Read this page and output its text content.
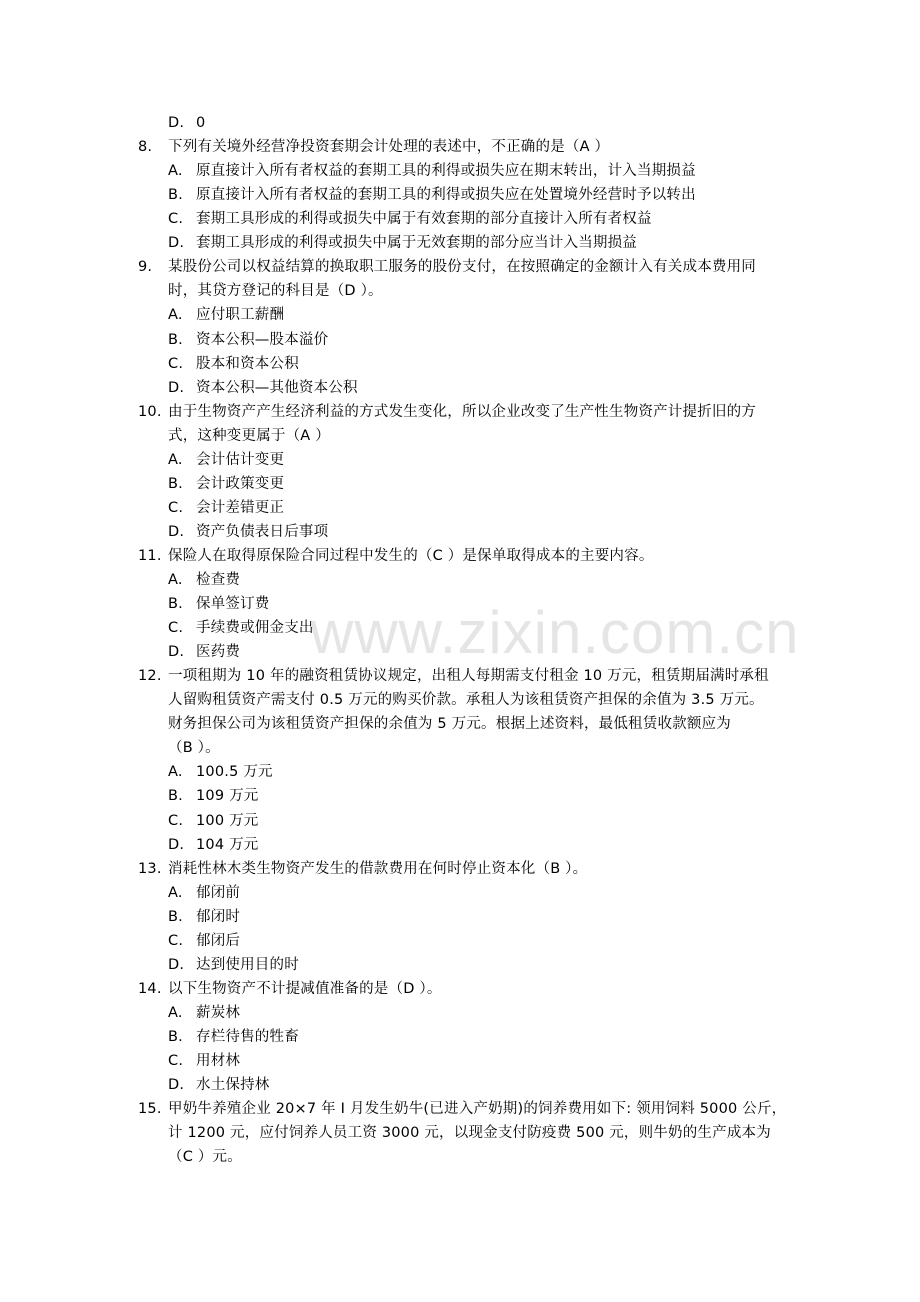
D. 0
8. 下列有关境外经营净投资套期会计处理的表述中，不正确的是（A ）
A. 原直接计入所有者权益的套期工具的利得或损失应在期末转出，计入当期损益
B. 原直接计入所有者权益的套期工具的利得或损失应在处置境外经营时予以转出
C. 套期工具形成的利得或损失中属于有效套期的部分直接计入所有者权益
D. 套期工具形成的利得或损失中属于无效套期的部分应当计入当期损益
9. 某股份公司以权益结算的换取职工服务的股份支付，在按照确定的金额计入有关成本费用同
时，其贷方登记的科目是（D ）。
A. 应付职工薪酬
B. 资本公积—股本溢价
C. 股本和资本公积
D. 资本公积—其他资本公积
10. 由于生物资产产生经济利益的方式发生变化，所以企业改变了生产性生物资产计提折旧的方
式，这种变更属于（A ）
A. 会计估计变更
B. 会计政策变更
C. 会计差错更正
D. 资产负债表日后事项
11. 保险人在取得原保险合同过程中发生的（C ）是保单取得成本的主要内容。
A. 检查费
B. 保单签订费
C. 手续费或佣金支出
D. 医药费
12. 一项租期为 10 年的融资租赁协议规定，出租人每期需支付租金 10 万元，租赁期届满时承租
人留购租赁资产需支付 0.5 万元的购买价款。承租人为该租赁资产担保的余值为 3.5 万元。
财务担保公司为该租赁资产担保的余值为 5 万元。根据上述资料，最低租赁收款额应为
（B ）。
A. 100.5 万元
B. 109 万元
C. 100 万元
D. 104 万元
13. 消耗性林木类生物资产发生的借款费用在何时停止资本化（B ）。
A. 郁闭前
B. 郁闭时
C. 郁闭后
D. 达到使用目的时
14. 以下生物资产不计提减值准备的是（D ）。
A. 薪炭林
B. 存栏待售的牲畜
C. 用材林
D. 水土保持林
15. 甲奶牛养殖企业 20×7 年 I 月发生奶牛(已进入产奶期)的饲养费用如下: 领用饲料 5000 公斤，
计 1200 元，应付饲养人员工资 3000 元，以现金支付防疫费 500 元，则牛奶的生产成本为
（C ）元。
www.zixin.com.cn
